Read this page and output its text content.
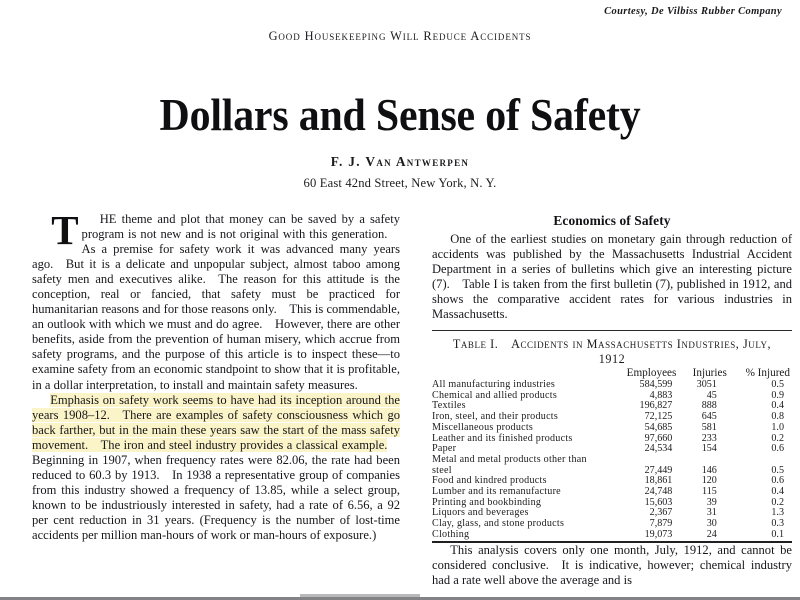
Courtesy, De Vilbiss Rubber Company
Good Housekeeping Will Reduce Accidents
Dollars and Sense of Safety
F. J. Van Antwerpen
60 East 42nd Street, New York, N. Y.

T HE theme and plot that money can be saved by a safety program is not new and is not original with this generation. As a premise for safety work it was advanced many years ago. But it is a delicate and unpopular subject, almost taboo among safety men and executives alike. The reason for this attitude is the conception, real or fancied, that safety must be practiced for humanitarian reasons and for those reasons only. This is commendable, an outlook with which we must and do agree. However, there are other benefits, aside from the prevention of human misery, which accrue from safety programs, and the purpose of this article is to inspect these—to examine safety from an economic standpoint to show that it is profitable, in a dollar interpretation, to install and maintain safety measures.

Emphasis on safety work seems to have had its inception around the years 1908–12. There are examples of safety consciousness which go back farther, but in the main these years saw the start of the mass safety movement. The iron and steel industry provides a classical example. Beginning in 1907, when frequency rates were 82.06, the rate had been reduced to 60.3 by 1913. In 1938 a representative group of companies from this industry showed a frequency of 13.85, while a select group, known to be industriously interested in safety, had a rate of 6.56, a 92 per cent reduction in 31 years. (Frequency is the number of lost-time accidents per million man-hours of work or man-hours of exposure.)

Economics of Safety

One of the earliest studies on monetary gain through reduction of accidents was published by the Massachusetts Industrial Accident Department in a series of bulletins which give an interesting picture (7). Table I is taken from the first bulletin (7), published in 1912, and shows the comparative accident rates for various industries in Massachusetts.

Table I. Accidents in Massachusetts Industries, July,
1912
	Employees	Injuries	% Injured
All manufacturing industries	584,599	3051	0.5
Chemical and allied products	4,883	45	0.9
Textiles	196,827	888	0.4
Iron, steel, and their products	72,125	645	0.8
Miscellaneous products	54,685	581	1.0
Leather and its finished products	97,660	233	0.2
Paper	24,534	154	0.6
Metal and metal products other than			
steel	27,449	146	0.5
Food and kindred products	18,861	120	0.6
Lumber and its remanufacture	24,748	115	0.4
Printing and bookbinding	15,603	39	0.2
Liquors and beverages	2,367	31	1.3
Clay, glass, and stone products	7,879	30	0.3
Clothing	19,073	24	0.1

This analysis covers only one month, July, 1912, and cannot be considered conclusive. It is indicative, however; chemical industry had a rate well above the average and is
